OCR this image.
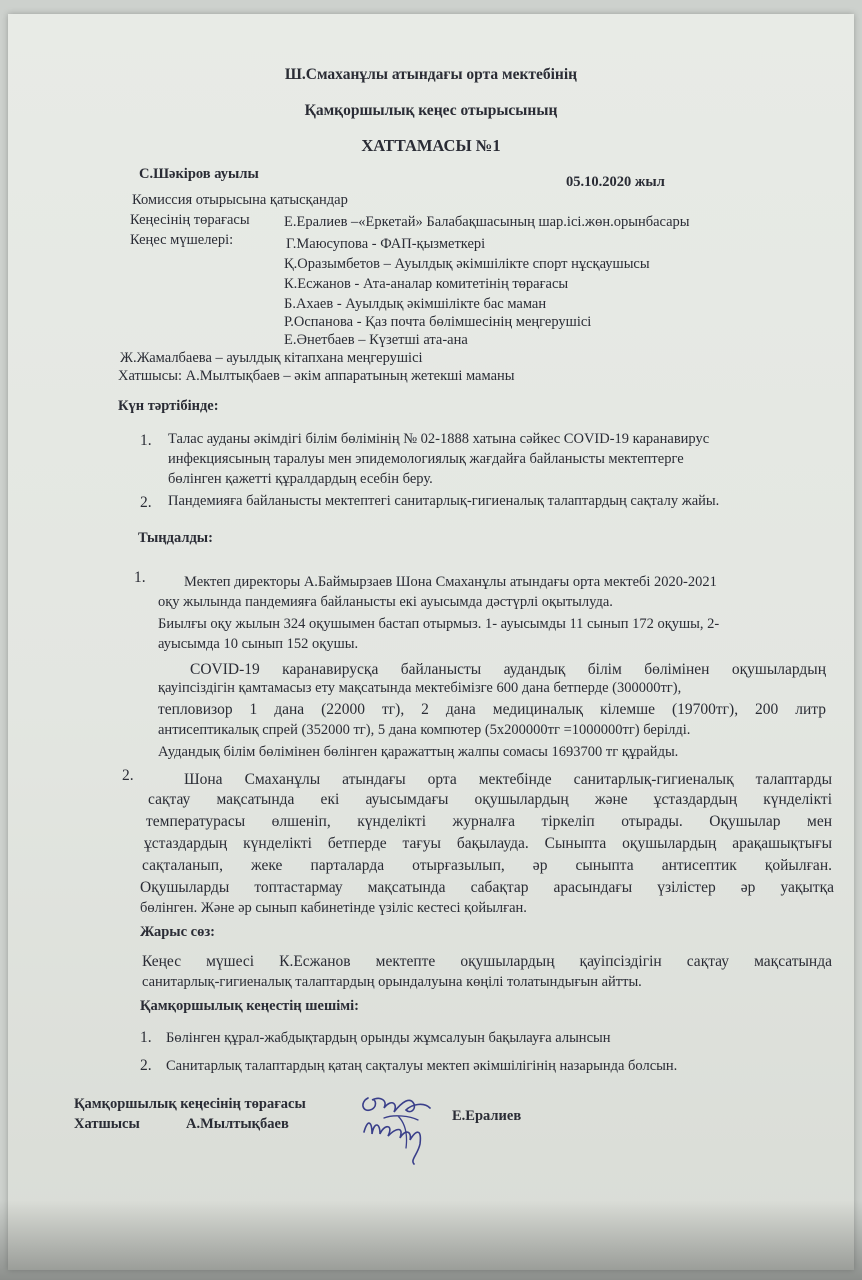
Ш.Смаханұлы атындағы орта мектебінің
Қамқоршылық кеңес отырысының
ХАТТАМАСЫ №1
С.Шәкіров ауылы	05.10.2020 жыл
Комиссия отырысына қатысқандар
Кеңесінің төрағасы Е.Ералиев –«Еркетай» Балабақшасының шар.ісі.жөн.орынбасары
Кеңес мүшелері:	Г.Маюсупова - ФАП-қызметкері
Қ.Оразымбетов – Ауылдық әкімшілікте спорт нұсқаушысы
К.Есжанов - Ата-аналар комитетінің төрағасы
Б.Ахаев - Ауылдық әкімшілікте бас маман
Р.Оспанова - Қаз почта бөлімшесінің меңгерушісі
Е.Әнетбаев – Күзетші ата-ана
Ж.Жамалбаева – ауылдық кітапхана меңгерушісі
Хатшысы: А.Мылтықбаев – әкім аппаратының жетекші маманы
Күн тәртібінде:
1. Талас ауданы әкімдігі білім бөлімінің № 02-1888 хатына сәйкес COVID-19 каранавирус
инфекциясының таралуы мен эпидемологиялық жағдайға байланысты мектептерге
бөлінген қажетті құралдардың есебін беру.
2. Пандемияға байланысты мектептегі санитарлық-гигиеналық талаптардың сақталу жайы.
Тыңдалды:
1.	Мектеп директоры А.Баймырзаев Шона Смаханұлы атындағы орта мектебі 2020-2021
оқу жылында пандемияға байланысты екі ауысымда дәстүрлі оқытылуда.
Биылғы оқу жылын 324 оқушымен бастап отырмыз. 1- ауысымды 11 сынып 172 оқушы, 2-
ауысымда 10 сынып 152 оқушы.
COVID-19 каранавирусқа байланысты аудандық білім бөлімінен оқушылардың
қауіпсіздігін қамтамасыз ету мақсатында мектебімізге 600 дана бетперде (300000тг),
тепловизор 1 дана (22000 тг), 2 дана медициналық кілемше (19700тг), 200 литр
антисептикалық спрей (352000 тг), 5 дана компютер (5х200000тг =1000000тг) берілді.
Аудандық білім бөлімінен бөлінген қаражаттың жалпы сомасы 1693700 тг құрайды.
2.	Шона Смаханұлы атындағы орта мектебінде санитарлық-гигиеналық талаптарды
сақтау мақсатында екі ауысымдағы оқушылардың және ұстаздардың күнделікті
температурасы өлшеніп, күнделікті журналға тіркеліп отырады. Оқушылар мен
ұстаздардың күнделікті бетперде тағуы бақылауда. Сыныпта оқушылардың арақашықтығы
сақталанып, жеке парталарда отырғазылып, әр сыныпта антисептик қойылған.
Оқушыларды топтастармау мақсатында сабақтар арасындағы үзілістер әр уақытқа
бөлінген. Және әр сынып кабинетінде үзіліс кестесі қойылған.
Жарыс сөз:
Кеңес мүшесі К.Есжанов мектепте оқушылардың қауіпсіздігін сақтау мақсатында
санитарлық-гигиеналық талаптардың орындалуына көңілі толатындығын айтты.
Қамқоршылық кеңестің шешімі:
1. Бөлінген құрал-жабдықтардың орынды жұмсалуын бақылауға алынсын
2. Санитарлық талаптардың қатаң сақталуы мектеп әкімшілігінің назарында болсын.
Қамқоршылық кеңесінің төрағасы
Е.Ералиев
Хатшысы	А.Мылтықбаев
